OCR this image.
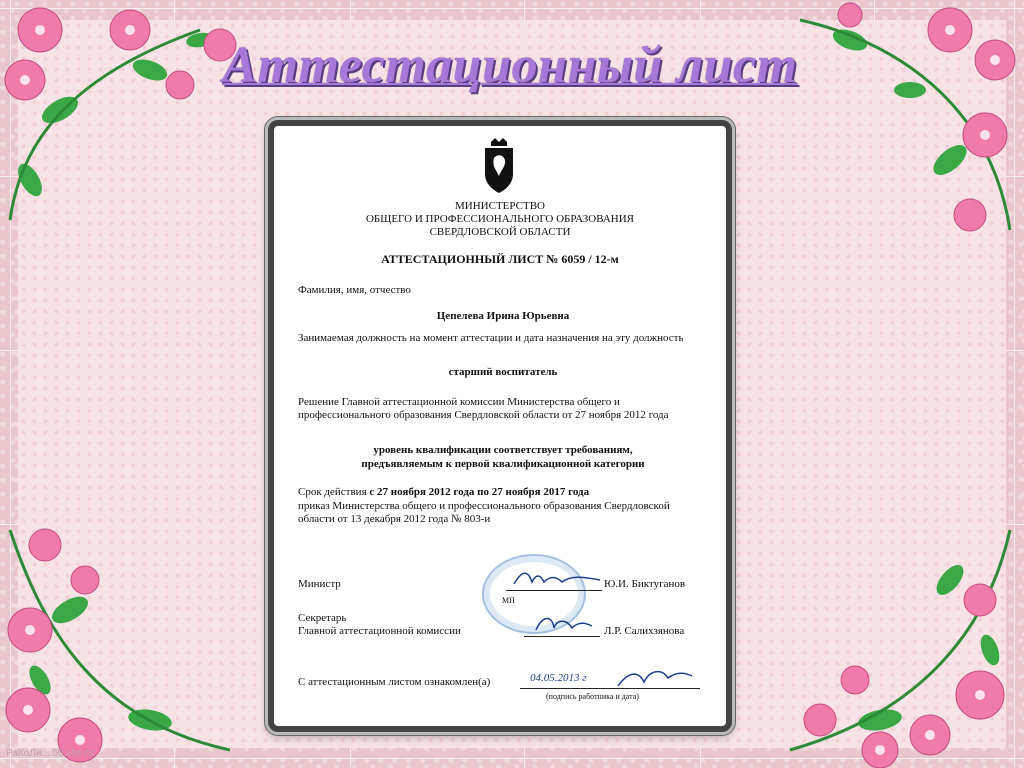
Аттестационный лист
МИНИСТЕРСТВО
ОБЩЕГО И ПРОФЕССИОНАЛЬНОГО ОБРАЗОВАНИЯ
СВЕРДЛОВСКОЙ ОБЛАСТИ
АТТЕСТАЦИОННЫЙ ЛИСТ № 6059 / 12-м
Фамилия, имя, отчество
Цепелева Ирина Юрьевна
Занимаемая должность на момент аттестации и дата назначения на эту должность
старший воспитатель
Решение Главной аттестационной комиссии Министерства общего и профессионального образования Свердловской области от 27 ноября 2012 года
уровень квалификации соответствует требованиям,
предъявляемым к первой квалификационной категории
Срок действия с 27 ноября 2012 года по 27 ноября 2017 года
приказ Министерства общего и профессионального образования Свердловской области от 13 декабря 2012 года № 803-и
МП
Министр	Ю.И. Биктуганов
Секретарь
Главной аттестационной комиссии	Л.Р. Салихзянова
С аттестационным листом ознакомлен(а)	04.05.2013 г
(подпись работника и дата)
РаКоЛи... 50.site.ru
